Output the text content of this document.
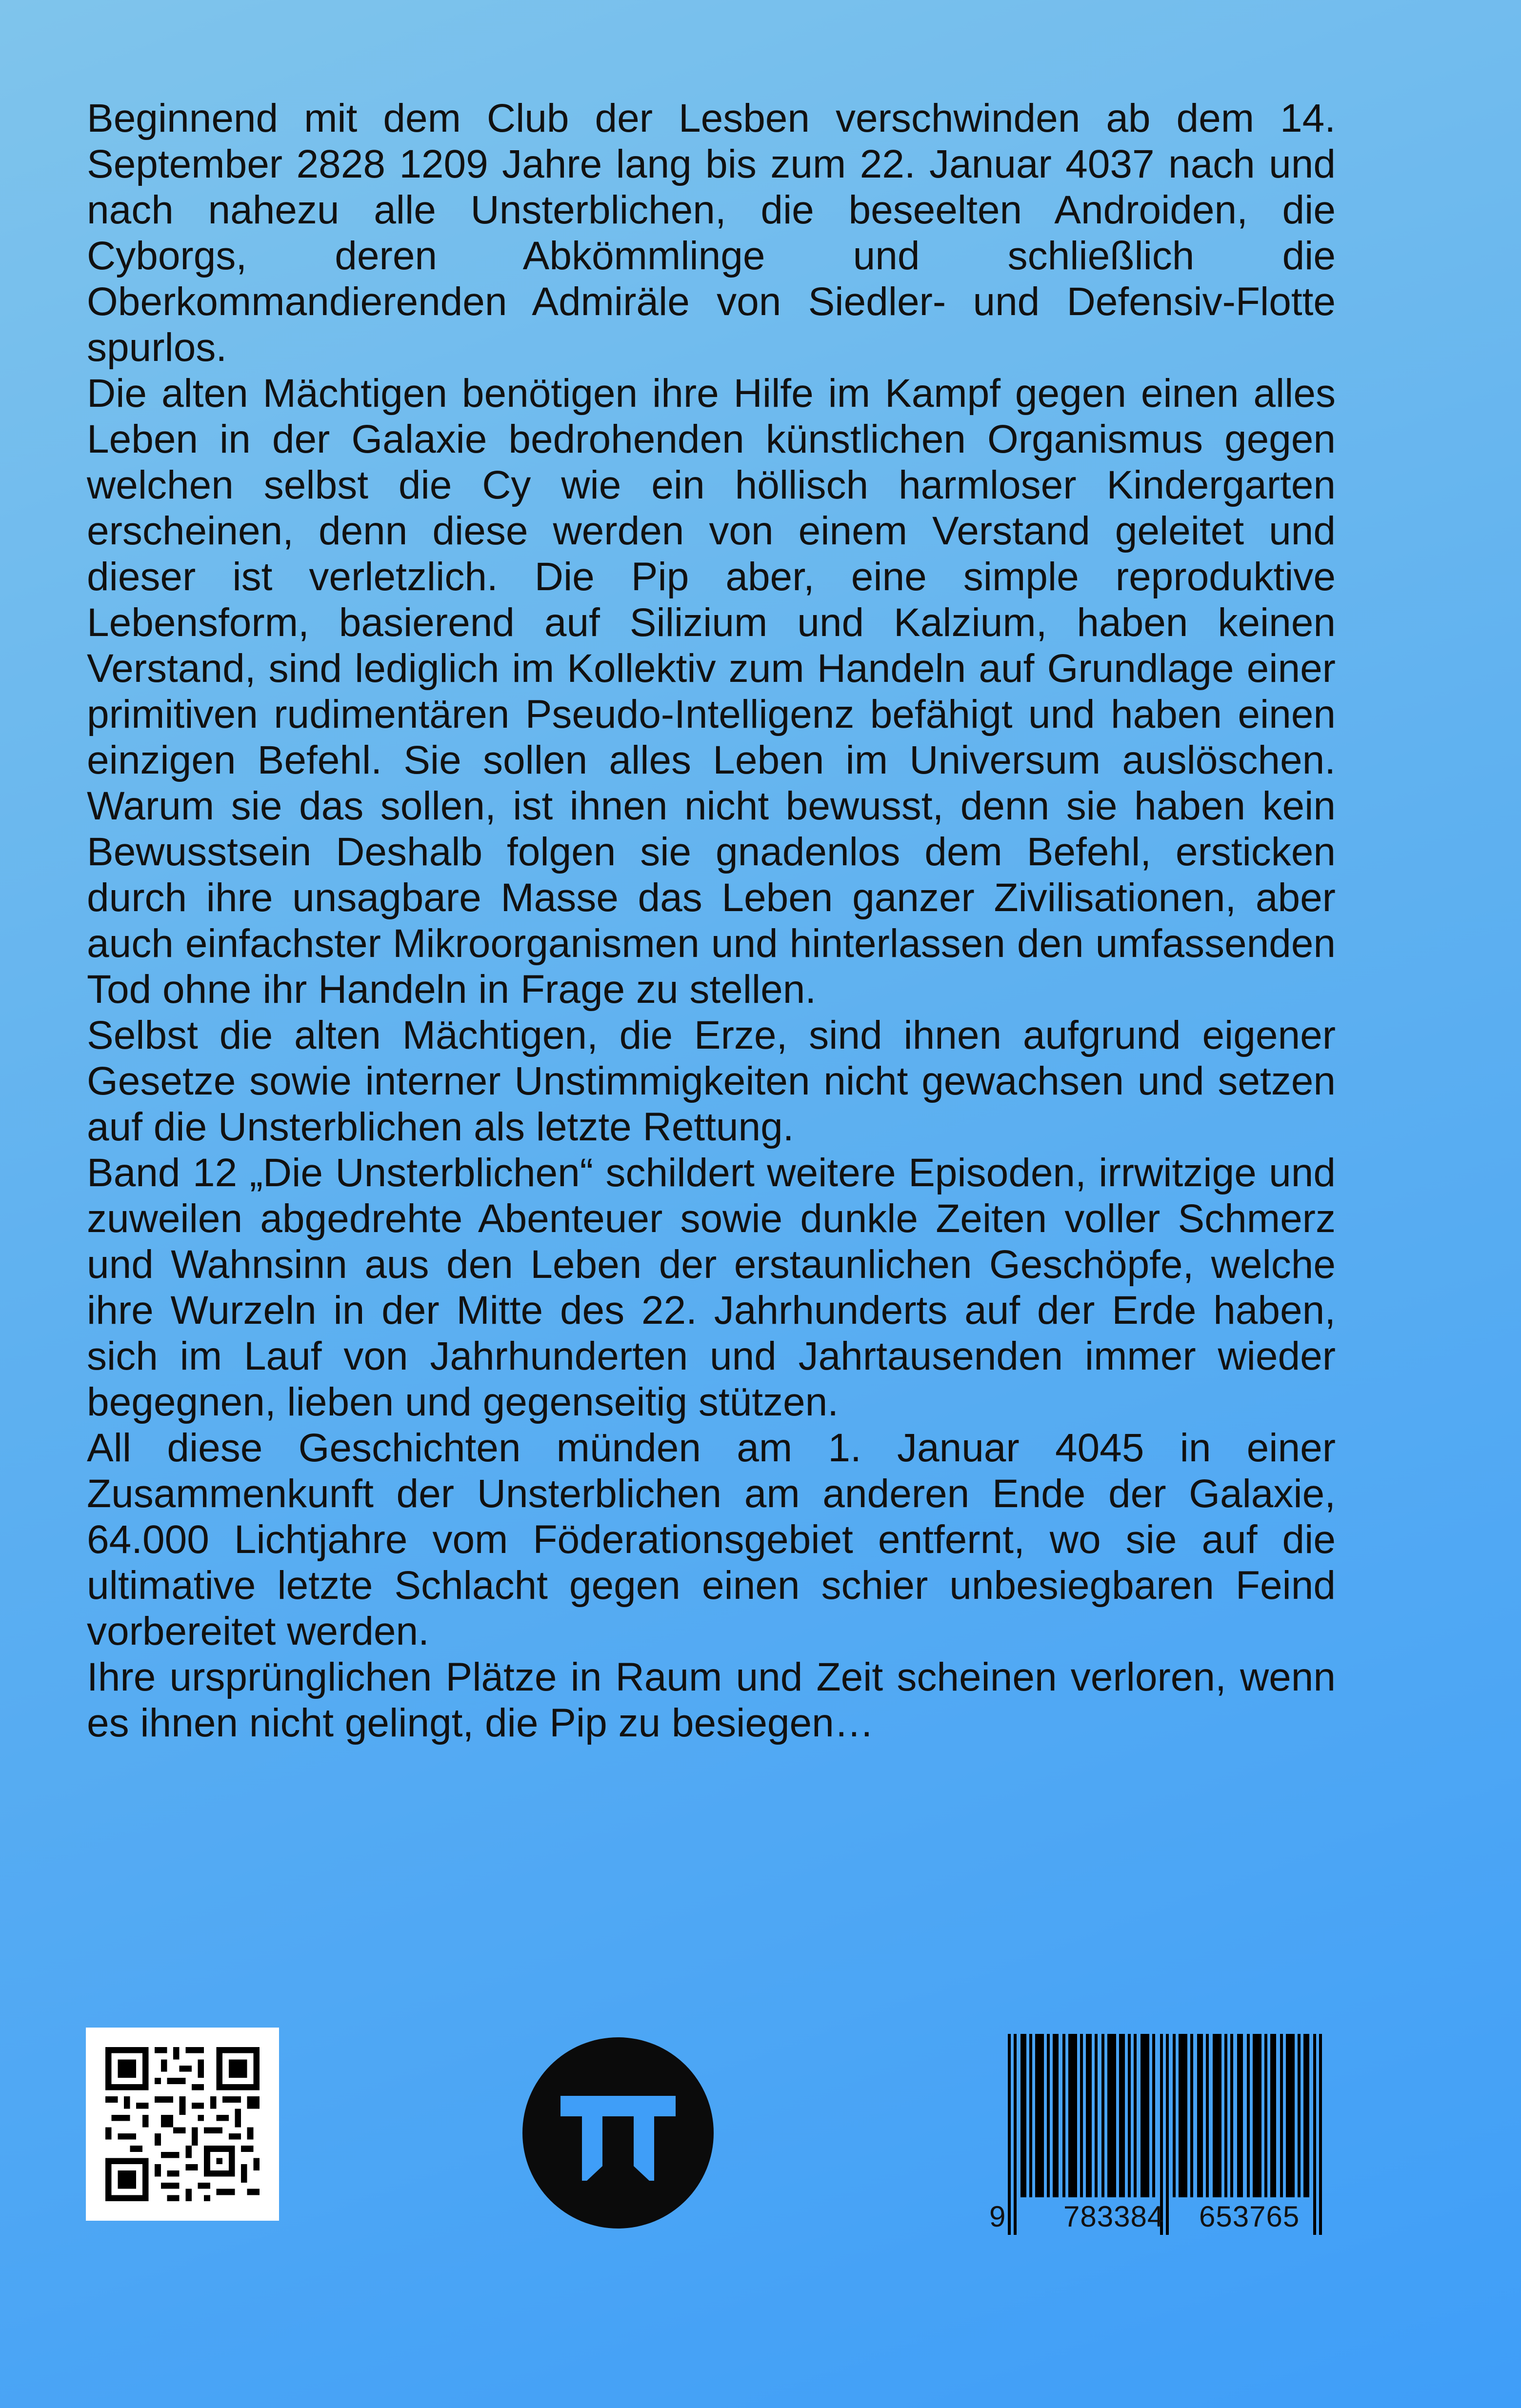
Beginnend mit dem Club der Lesben verschwinden ab dem 14. September 2828 1209 Jahre lang bis zum 22. Januar 4037 nach und nach nahezu alle Unsterblichen, die beseelten Androiden, die Cyborgs, deren Abkömmlinge und schließlich die Oberkommandierenden Admiräle von Siedler- und Defensiv-Flotte spurlos.

Die alten Mächtigen benötigen ihre Hilfe im Kampf gegen einen alles Leben in der Galaxie bedrohenden künstlichen Organismus gegen welchen selbst die Cy wie ein höllisch harmloser Kindergarten erscheinen, denn diese werden von einem Verstand geleitet und dieser ist verletzlich. Die Pip aber, eine simple reproduktive Lebensform, basierend auf Silizium und Kalzium, haben keinen Verstand, sind lediglich im Kollektiv zum Handeln auf Grundlage einer primitiven rudimentären Pseudo-Intelligenz befähigt und haben einen einzigen Befehl. Sie sollen alles Leben im Universum auslöschen. Warum sie das sollen, ist ihnen nicht bewusst, denn sie haben kein Bewusstsein Deshalb folgen sie gnadenlos dem Befehl, ersticken durch ihre unsagbare Masse das Leben ganzer Zivilisationen, aber auch einfachster Mikroorganismen und hinterlassen den umfassenden Tod ohne ihr Handeln in Frage zu stellen.

Selbst die alten Mächtigen, die Erze, sind ihnen aufgrund eigener Gesetze sowie interner Unstimmigkeiten nicht gewachsen und setzen auf die Unsterblichen als letzte Rettung.

Band 12 „Die Unsterblichen“ schildert weitere Episoden, irrwitzige und zuweilen abgedrehte Abenteuer sowie dunkle Zeiten voller Schmerz und Wahnsinn aus den Leben der erstaunlichen Geschöpfe, welche ihre Wurzeln in der Mitte des 22. Jahrhunderts auf der Erde haben, sich im Lauf von Jahrhunderten und Jahrtausenden immer wieder begegnen, lieben und gegenseitig stützen.

All diese Geschichten münden am 1. Januar 4045 in einer Zusammenkunft der Unsterblichen am anderen Ende der Galaxie, 64.000 Lichtjahre vom Föderationsgebiet entfernt, wo sie auf die ultimative letzte Schlacht gegen einen schier unbesiegbaren Feind vorbereitet werden.

Ihre ursprünglichen Plätze in Raum und Zeit scheinen verloren, wenn es ihnen nicht gelingt, die Pip zu besiegen…

9 783384 653765
